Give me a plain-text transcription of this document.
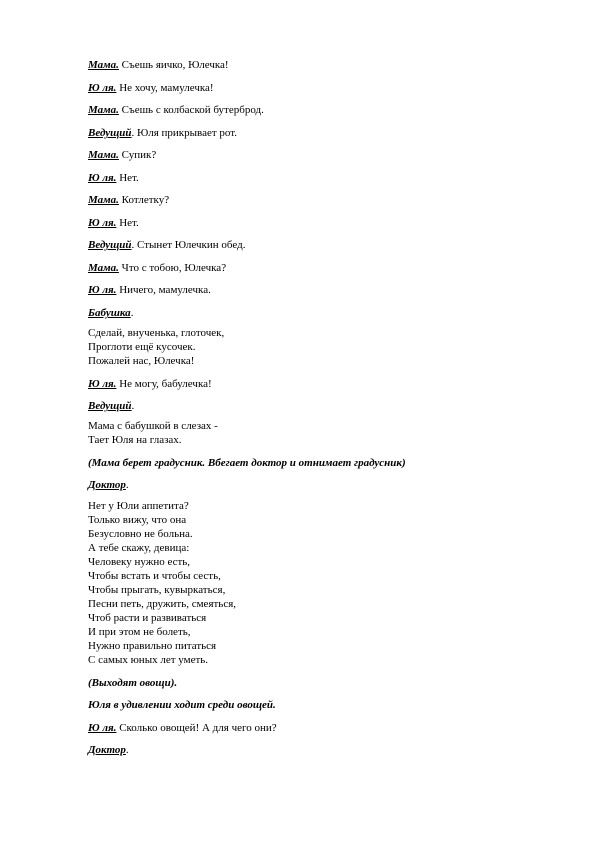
Мама. Съешь яичко, Юлечка!
Ю ля. Не хочу, мамулечка!
Мама. Съешь с колбаской бутерброд.
Ведущий. Юля прикрывает рот.
Мама. Супик?
Ю ля. Нет.
Мама. Котлетку?
Ю ля. Нет.
Ведущий. Стынет Юлечкин обед.
Мама. Что с тобою, Юлечка?
Ю ля. Ничего, мамулечка.
Бабушка.
Сделай, внученька, глоточек,
Проглоти ещё кусочек.
Пожалей нас, Юлечка!
Ю ля. Не могу, бабулечка!
Ведущий.
Мама с бабушкой в слезах -
Тает Юля на глазах.
(Мама берет градусник. Вбегает доктор и отнимает градусник)
Доктор.
Нет у Юли аппетита?
Только вижу, что она
Безусловно не больна.
А тебе скажу, девица:
Человеку нужно есть,
Чтобы встать и чтобы сесть,
Чтобы прыгать, кувыркаться,
Песни петь, дружить, смеяться,
Чтоб расти и развиваться
И при этом не болеть,
Нужно правильно питаться
С самых юных лет уметь.
(Выходят овощи).
Юля в удивлении ходит среди овощей.
Ю ля. Сколько овощей! А для чего они?
Доктор.
